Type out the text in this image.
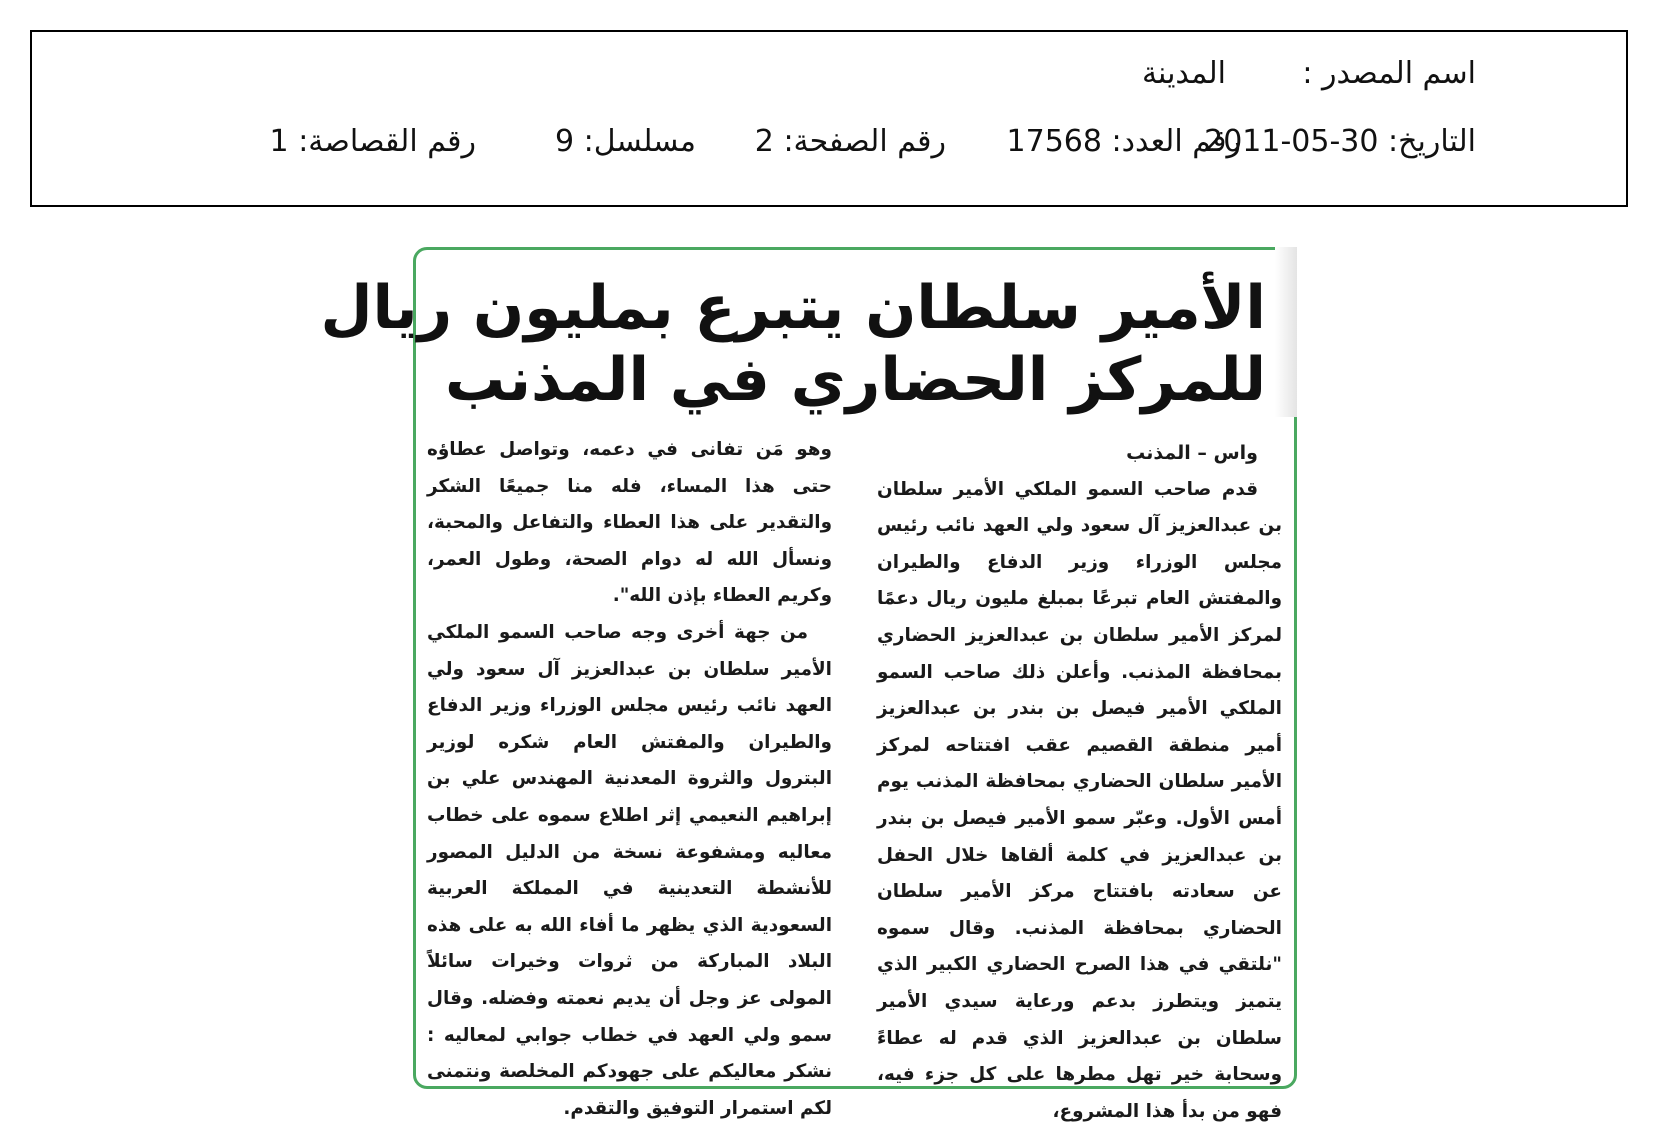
اسم المصدر :
المدينة
التاريخ: 2011-05-30
رقم العدد: 17568
رقم الصفحة: 2
مسلسل: 9
رقم القصاصة: 1
الأمير سلطان يتبرع بمليون ريال
للمركز الحضاري في المذنب

واس – المذنب

قدم صاحب السمو الملكي الأمير سلطان بن عبدالعزيز آل سعود ولي العهد نائب رئيس مجلس الوزراء وزير الدفاع والطيران والمفتش العام تبرعًا بمبلغ مليون ريال دعمًا لمركز الأمير سلطان بن عبدالعزيز الحضاري بمحافظة المذنب. وأعلن ذلك صاحب السمو الملكي الأمير فيصل بن بندر بن عبدالعزيز أمير منطقة القصيم عقب افتتاحه لمركز الأمير سلطان الحضاري بمحافظة المذنب يوم أمس الأول. وعبّر سمو الأمير فيصل بن بندر بن عبدالعزيز في كلمة ألقاها خلال الحفل عن سعادته بافتتاح مركز الأمير سلطان الحضاري بمحافظة المذنب. وقال سموه "نلتقي في هذا الصرح الحضاري الكبير الذي يتميز ويتطرز بدعم ورعاية سيدي الأمير سلطان بن عبدالعزيز الذي قدم له عطاءً وسحابة خير تهل مطرها على كل جزء فيه، فهو من بدأ هذا المشروع،

وهو مَن تفانى في دعمه، وتواصل عطاؤه حتى هذا المساء، فله منا جميعًا الشكر والتقدير على هذا العطاء والتفاعل والمحبة، ونسأل الله له دوام الصحة، وطول العمر، وكريم العطاء بإذن الله".

من جهة أخرى وجه صاحب السمو الملكي الأمير سلطان بن عبدالعزيز آل سعود ولي العهد نائب رئيس مجلس الوزراء وزير الدفاع والطيران والمفتش العام شكره لوزير البترول والثروة المعدنية المهندس علي بن إبراهيم النعيمي إثر اطلاع سموه على خطاب معاليه ومشفوعة نسخة من الدليل المصور للأنشطة التعدينية في المملكة العربية السعودية الذي يظهر ما أفاء الله به على هذه البلاد المباركة من ثروات وخيرات سائلاً المولى عز وجل أن يديم نعمته وفضله. وقال سمو ولي العهد في خطاب جوابي لمعاليه : نشكر معاليكم على جهودكم المخلصة ونتمنى لكم استمرار التوفيق والتقدم.
